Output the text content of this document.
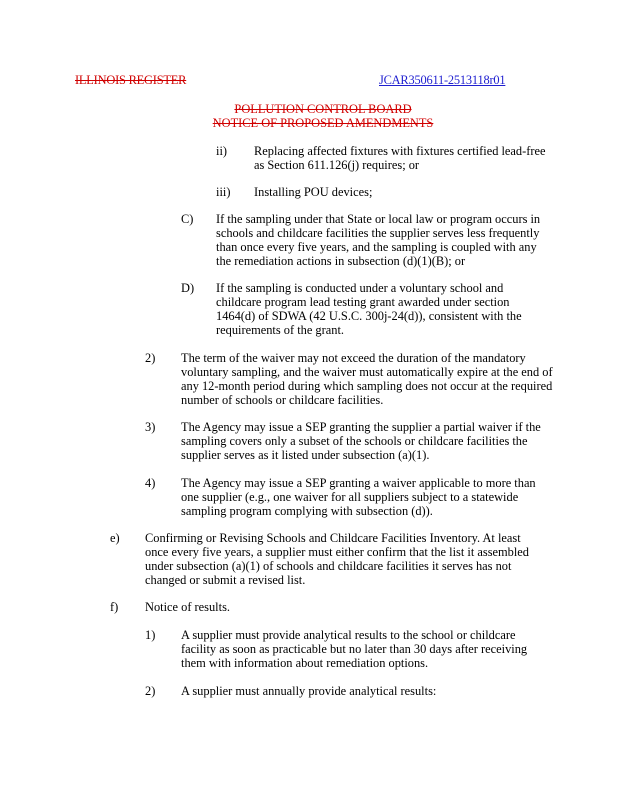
ILLINOIS REGISTER	JCAR350611-2513118r01
POLLUTION CONTROL BOARD
NOTICE OF PROPOSED AMENDMENTS
ii) Replacing affected fixtures with fixtures certified lead-free
as Section 611.126(j) requires; or
iii) Installing POU devices;
C) If the sampling under that State or local law or program occurs in
schools and childcare facilities the supplier serves less frequently
than once every five years, and the sampling is coupled with any
the remediation actions in subsection (d)(1)(B); or
D) If the sampling is conducted under a voluntary school and
childcare program lead testing grant awarded under section
1464(d) of SDWA (42 U.S.C. 300j-24(d)), consistent with the
requirements of the grant.
2) The term of the waiver may not exceed the duration of the mandatory
voluntary sampling, and the waiver must automatically expire at the end of
any 12-month period during which sampling does not occur at the required
number of schools or childcare facilities.
3) The Agency may issue a SEP granting the supplier a partial waiver if the
sampling covers only a subset of the schools or childcare facilities the
supplier serves as it listed under subsection (a)(1).
4) The Agency may issue a SEP granting a waiver applicable to more than
one supplier (e.g., one waiver for all suppliers subject to a statewide
sampling program complying with subsection (d)).
e) Confirming or Revising Schools and Childcare Facilities Inventory. At least
once every five years, a supplier must either confirm that the list it assembled
under subsection (a)(1) of schools and childcare facilities it serves has not
changed or submit a revised list.
f) Notice of results.
1) A supplier must provide analytical results to the school or childcare
facility as soon as practicable but no later than 30 days after receiving
them with information about remediation options.
2) A supplier must annually provide analytical results:
